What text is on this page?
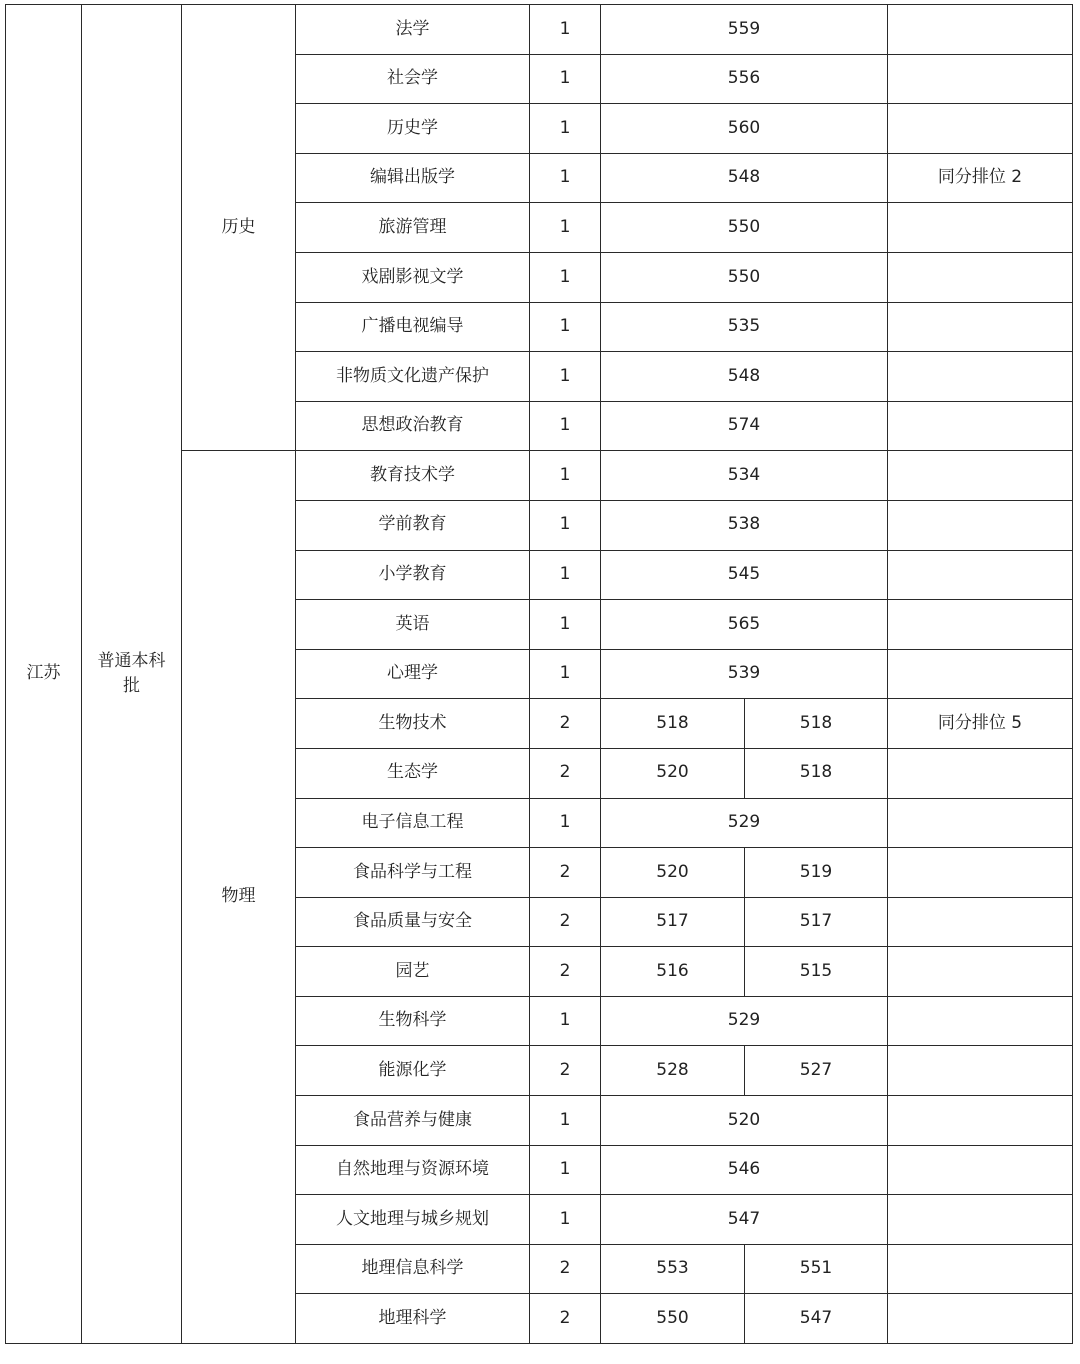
江苏	普通本科批	历史	法学	1	559		
			社会学	1	556		
			历史学	1	560		
			编辑出版学	1	548		同分排位 2
			旅游管理	1	550		
			戏剧影视文学	1	550		
			广播电视编导	1	535		
			非物质文化遗产保护	1	548		
			思想政治教育	1	574		
		物理	教育技术学	1	534		
			学前教育	1	538		
			小学教育	1	545		
			英语	1	565		
			心理学	1	539		
			生物技术	2	518	518	同分排位 5
			生态学	2	520	518	
			电子信息工程	1	529		
			食品科学与工程	2	520	519	
			食品质量与安全	2	517	517	
			园艺	2	516	515	
			生物科学	1	529		
			能源化学	2	528	527	
			食品营养与健康	1	520		
			自然地理与资源环境	1	546		
			人文地理与城乡规划	1	547		
			地理信息科学	2	553	551	
			地理科学	2	550	547	
